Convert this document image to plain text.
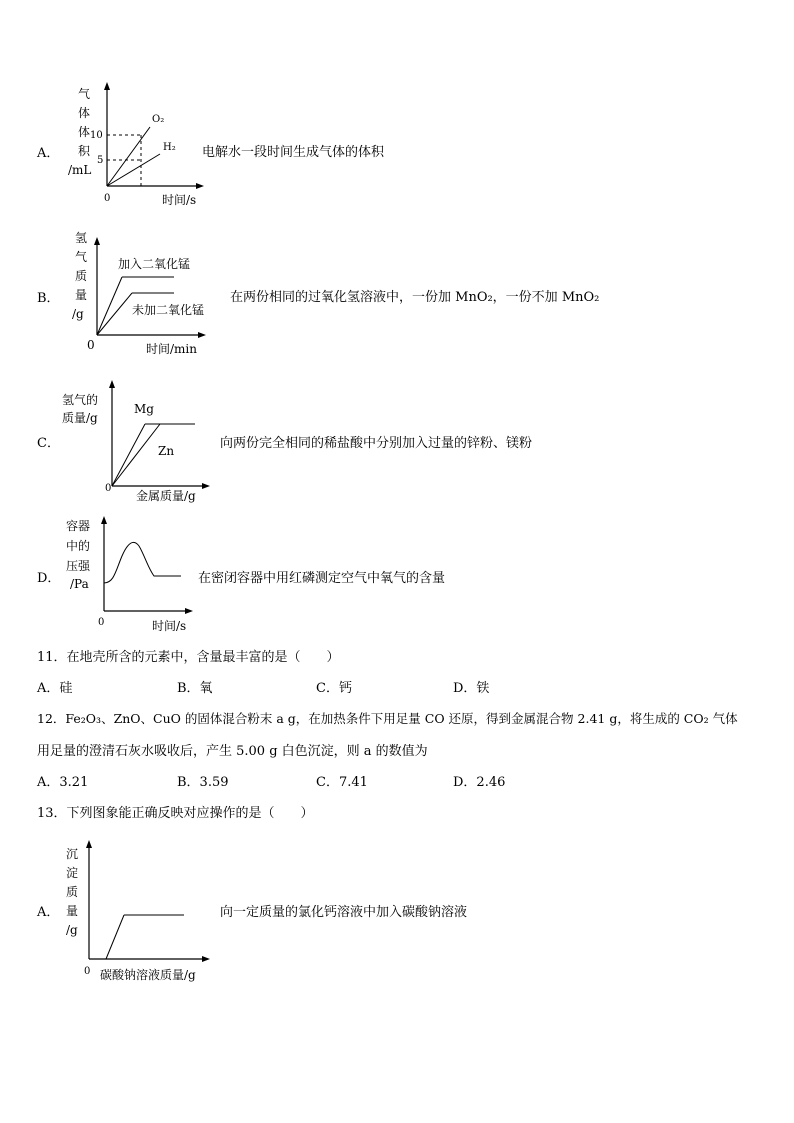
A．
气
体
体
积
/mL
10
5
0
O₂
H₂
时间/s
电解水一段时间生成气体的体积
B．
氢
气
质
量
/g
加入二氧化锰
未加二氧化锰
0	时间/min
在两份相同的过氧化氢溶液中，一份加 MnO₂，一份不加 MnO₂
C．
氢气的
质量/g
Mg
Zn
0
金属质量/g
向两份完全相同的稀盐酸中分别加入过量的锌粉、镁粉
D．
容器
中的
压强
/Pa
0	时间/s
在密闭容器中用红磷测定空气中氧气的含量
11．在地壳所含的元素中，含量最丰富的是（　　）
A．硅	B．氧	C．钙	D．铁
12．Fe₂O₃、ZnO、CuO 的固体混合粉末 a g，在加热条件下用足量 CO 还原，得到金属混合物 2.41 g，将生成的 CO₂ 气体
用足量的澄清石灰水吸收后，产生 5.00 g 白色沉淀，则 a 的数值为
A．3.21	B．3.59	C．7.41	D．2.46
13．下列图象能正确反映对应操作的是（　　）
A．
沉
淀
质
量
/g
0 碳酸钠溶液质量/g
向一定质量的氯化钙溶液中加入碳酸钠溶液
